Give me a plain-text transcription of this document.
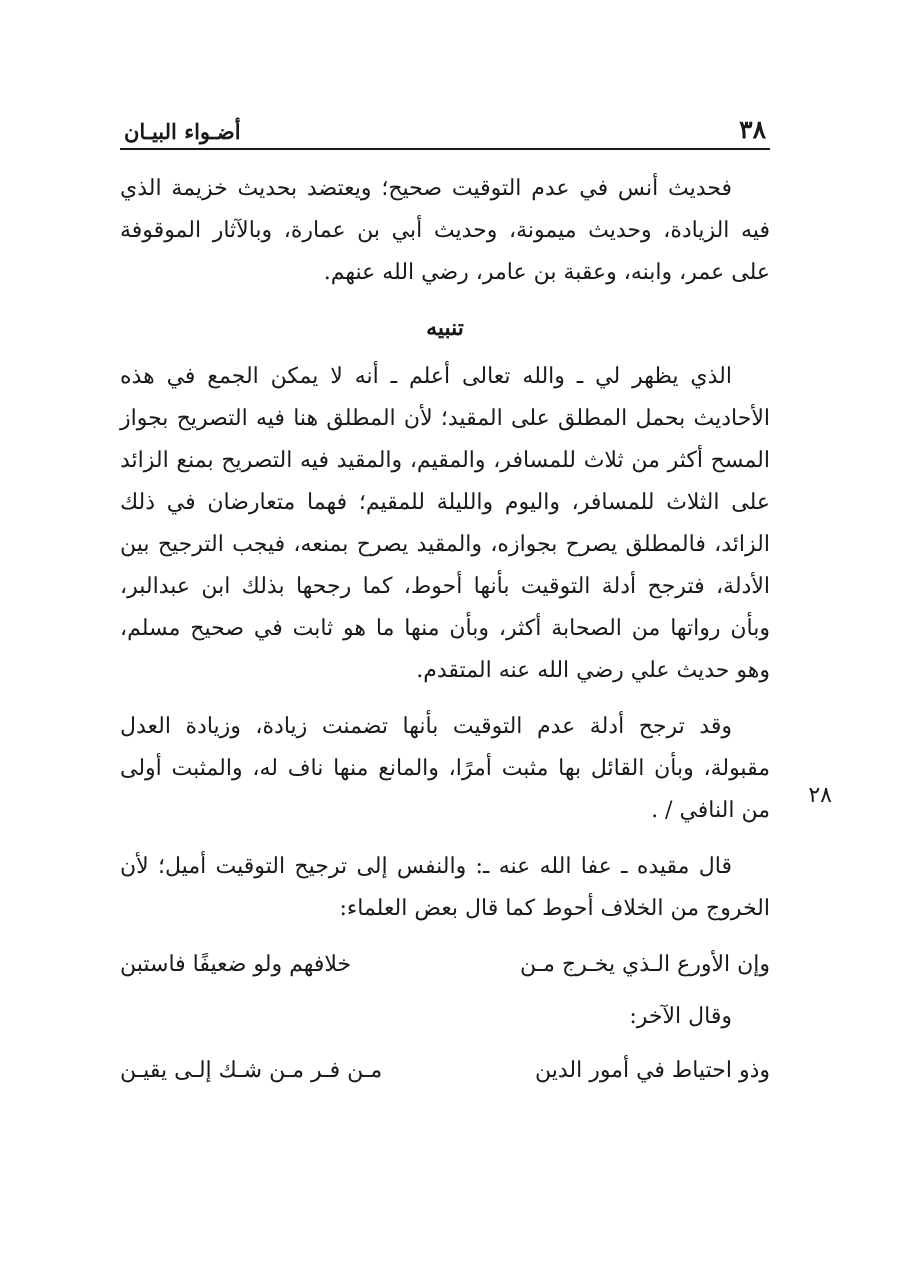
٣٨
أضـواء البيـان

فحديث أنس في عدم التوقيت صحيح؛ ويعتضد بحديث خزيمة الذي فيه الزيادة، وحديث ميمونة، وحديث أبي بن عمارة، وبالآثار الموقوفة على عمر، وابنه، وعقبة بن عامر، رضي الله عنهم.

تنبيه

الذي يظهر لي ـ والله تعالى أعلم ـ أنه لا يمكن الجمع في هذه الأحاديث بحمل المطلق على المقيد؛ لأن المطلق هنا فيه التصريح بجواز المسح أكثر من ثلاث للمسافر، والمقيم، والمقيد فيه التصريح بمنع الزائد على الثلاث للمسافر، واليوم والليلة للمقيم؛ فهما متعارضان في ذلك الزائد، فالمطلق يصرح بجوازه، والمقيد يصرح بمنعه، فيجب الترجيح بين الأدلة، فترجح أدلة التوقيت بأنها أحوط، كما رجحها بذلك ابن عبدالبر، وبأن رواتها من الصحابة أكثر، وبأن منها ما هو ثابت في صحيح مسلم، وهو حديث علي رضي الله عنه المتقدم.

وقد ترجح أدلة عدم التوقيت بأنها تضمنت زيادة، وزيادة العدل مقبولة، وبأن القائل بها مثبت أمرًا، والمانع منها ناف له، والمثبت أولى من النافي / .

٢٨

قال مقيده ـ عفا الله عنه ـ: والنفس إلى ترجيح التوقيت أميل؛ لأن الخروج من الخلاف أحوط كما قال بعض العلماء:

وإن الأورع الـذي يخـرج مـن
خلافهم ولو ضعيفًا فاستبن
وقال الآخر:
وذو احتياط في أمور الدين
مـن فـر مـن شـك إلـى يقيـن
